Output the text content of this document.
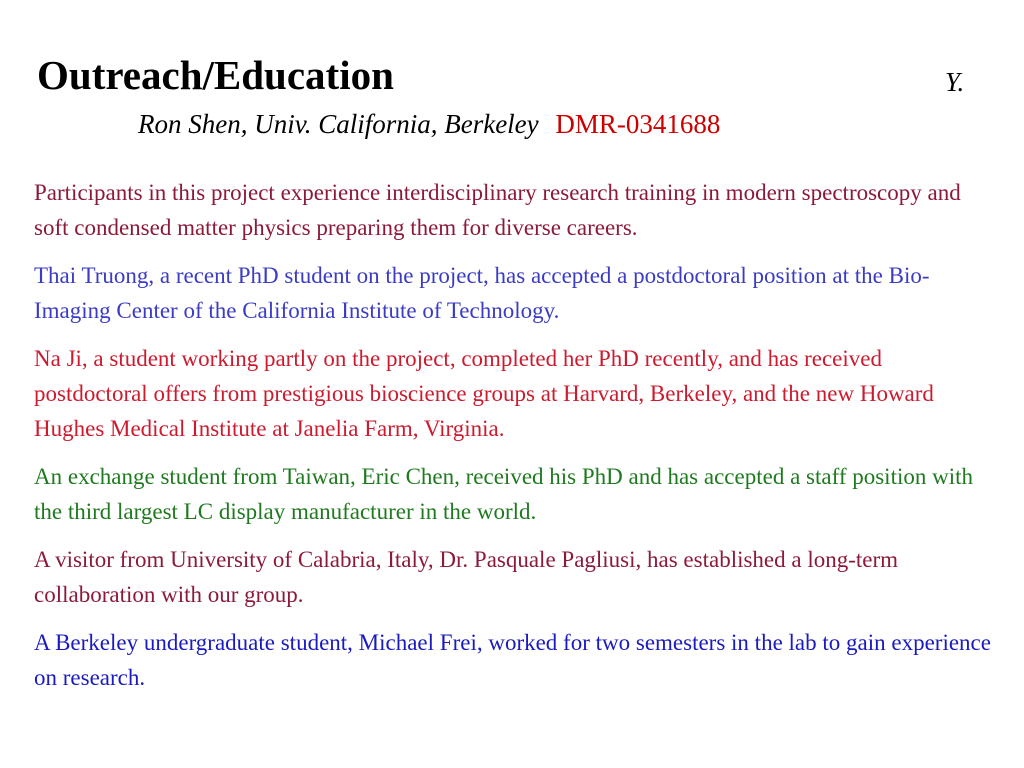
Outreach/Education	Y.
Ron Shen, Univ. California, Berkeley DMR-0341688

Participants in this project experience interdisciplinary research training in modern spectroscopy and soft condensed matter physics preparing them for diverse careers.

Thai Truong, a recent PhD student on the project, has accepted a postdoctoral position at the Bio-Imaging Center of the California Institute of Technology.

Na Ji, a student working partly on the project, completed her PhD recently, and has received postdoctoral offers from prestigious bioscience groups at Harvard, Berkeley, and the new Howard Hughes Medical Institute at Janelia Farm, Virginia.

An exchange student from Taiwan, Eric Chen, received his PhD and has accepted a staff position with the third largest LC display manufacturer in the world.

A visitor from University of Calabria, Italy, Dr. Pasquale Pagliusi, has established a long-term collaboration with our group.

A Berkeley undergraduate student, Michael Frei, worked for two semesters in the lab to gain experience on research.
